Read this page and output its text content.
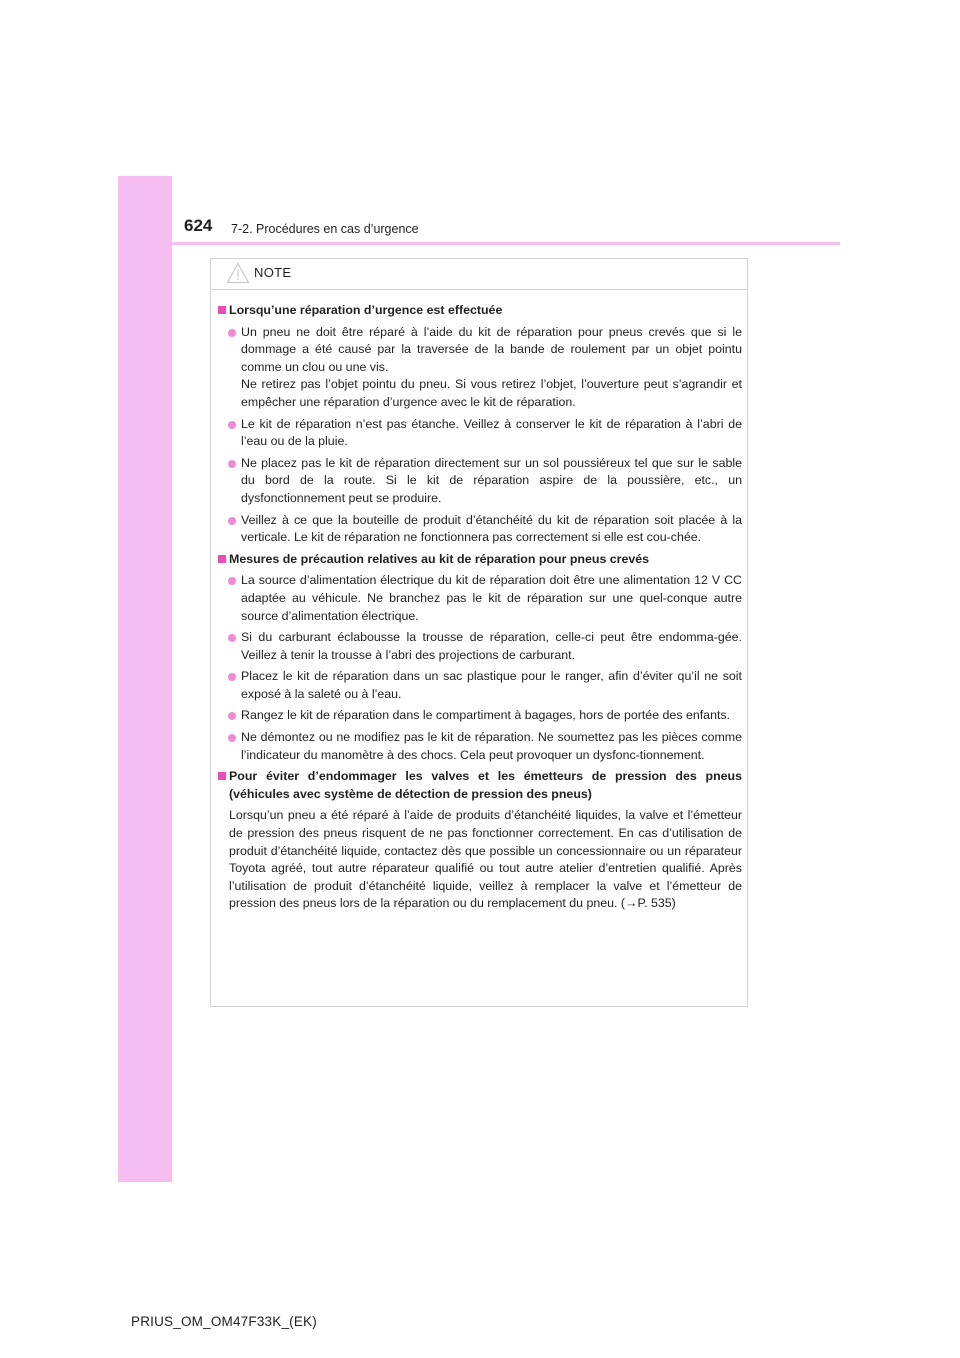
624 7-2. Procédures en cas d’urgence
NOTE
Lorsqu’une réparation d’urgence est effectuée
Un pneu ne doit être réparé à l’aide du kit de réparation pour pneus crevés que si le dommage a été causé par la traversée de la bande de roulement par un objet pointu comme un clou ou une vis.
Ne retirez pas l’objet pointu du pneu. Si vous retirez l’objet, l’ouverture peut s’agrandir et empêcher une réparation d’urgence avec le kit de réparation.
Le kit de réparation n’est pas étanche. Veillez à conserver le kit de réparation à l’abri de l’eau ou de la pluie.
Ne placez pas le kit de réparation directement sur un sol poussiéreux tel que sur le sable du bord de la route. Si le kit de réparation aspire de la poussière, etc., un dysfonctionnement peut se produire.
Veillez à ce que la bouteille de produit d’étanchéité du kit de réparation soit placée à la verticale. Le kit de réparation ne fonctionnera pas correctement si elle est cou-chée.
Mesures de précaution relatives au kit de réparation pour pneus crevés
La source d’alimentation électrique du kit de réparation doit être une alimentation 12 V CC adaptée au véhicule. Ne branchez pas le kit de réparation sur une quel-conque autre source d’alimentation électrique.
Si du carburant éclabousse la trousse de réparation, celle-ci peut être endomma-gée. Veillez à tenir la trousse à l’abri des projections de carburant.
Placez le kit de réparation dans un sac plastique pour le ranger, afin d’éviter qu’il ne soit exposé à la saleté ou à l’eau.
Rangez le kit de réparation dans le compartiment à bagages, hors de portée des enfants.
Ne démontez ou ne modifiez pas le kit de réparation. Ne soumettez pas les pièces comme l’indicateur du manomètre à des chocs. Cela peut provoquer un dysfonc-tionnement.
Pour éviter d’endommager les valves et les émetteurs de pression des pneus (véhicules avec système de détection de pression des pneus)

Lorsqu’un pneu a été réparé à l’aide de produits d’étanchéité liquides, la valve et l’émetteur de pression des pneus risquent de ne pas fonctionner correctement. En cas d’utilisation de produit d’étanchéité liquide, contactez dès que possible un concessionnaire ou un réparateur Toyota agréé, tout autre réparateur qualifié ou tout autre atelier d’entretien qualifié. Après l’utilisation de produit d’étanchéité liquide, veillez à remplacer la valve et l’émetteur de pression des pneus lors de la réparation ou du remplacement du pneu. (→P. 535)

PRIUS_OM_OM47F33K_(EK)
